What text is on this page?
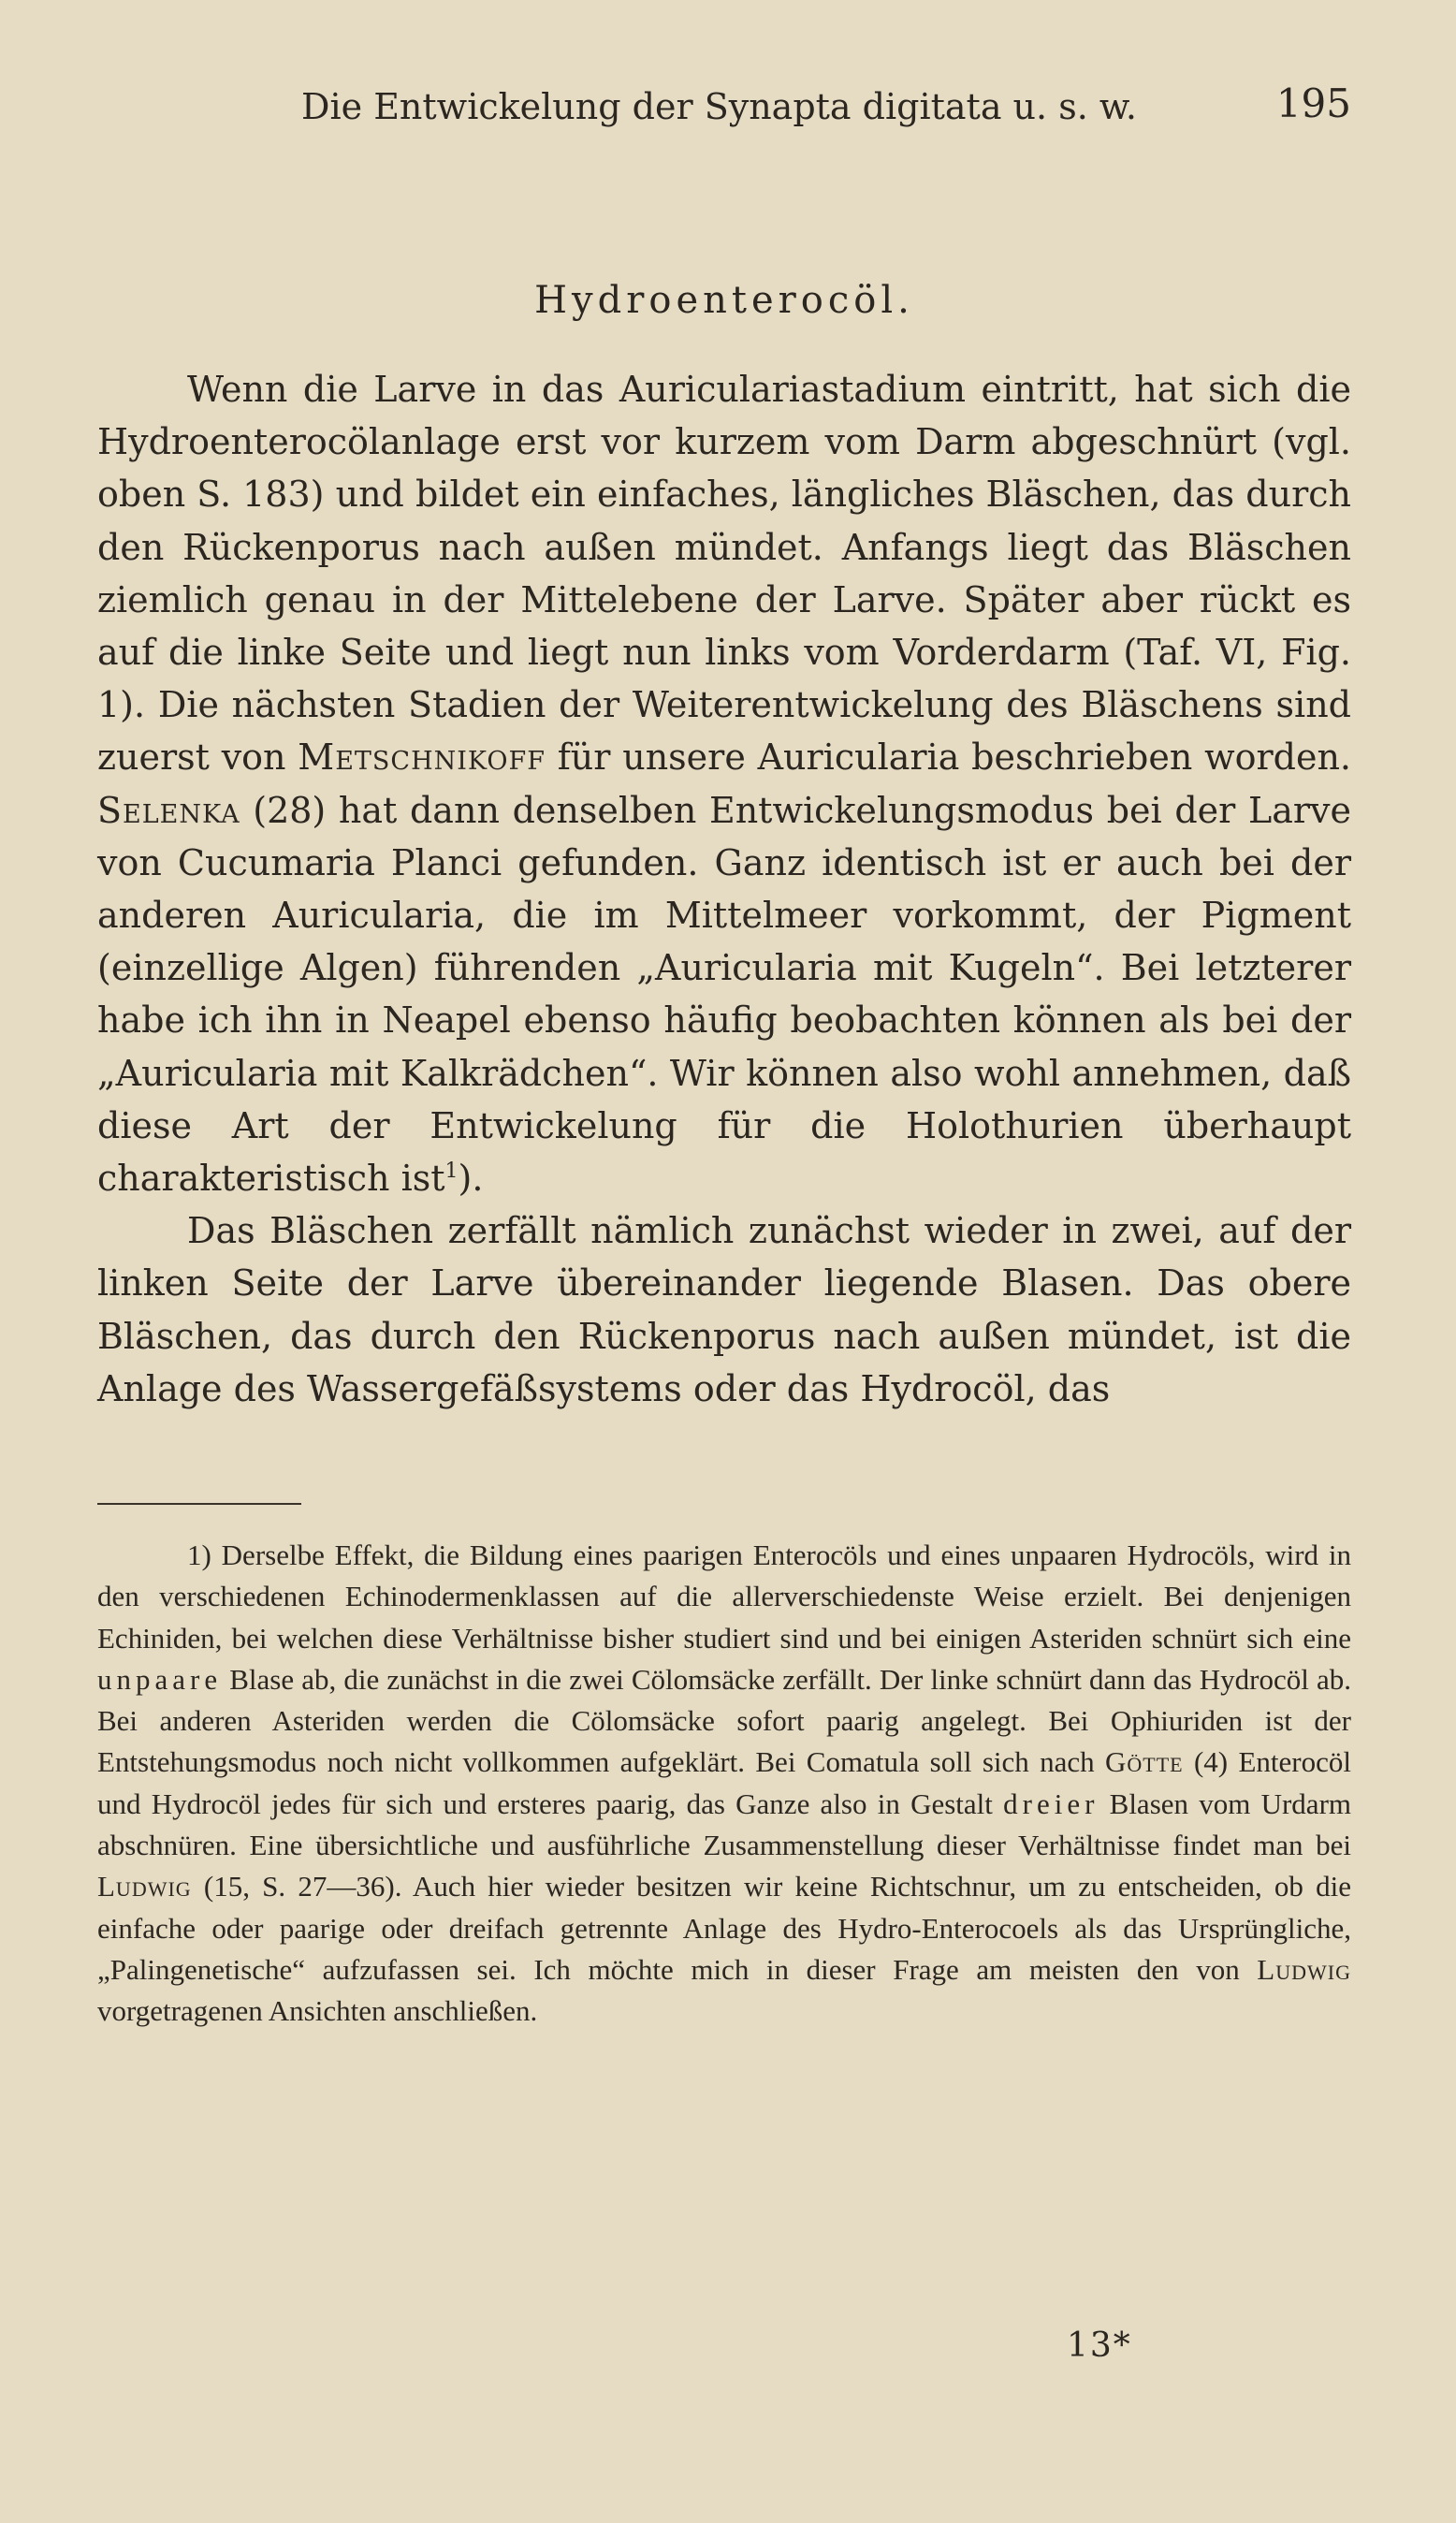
Die Entwickelung der Synapta digitata u. s. w.	195
Hydroenterocöl.

Wenn die Larve in das Auriculariastadium eintritt, hat sich die Hydroenterocölanlage erst vor kurzem vom Darm abgeschnürt (vgl. oben S. 183) und bildet ein einfaches, längliches Bläschen, das durch den Rückenporus nach außen mündet. Anfangs liegt das Bläschen ziemlich genau in der Mittelebene der Larve. Später aber rückt es auf die linke Seite und liegt nun links vom Vorderdarm (Taf. VI, Fig. 1). Die nächsten Stadien der Weiterentwickelung des Bläschens sind zuerst von Metschnikoff für unsere Auricularia beschrieben worden. Selenka (28) hat dann denselben Entwickelungsmodus bei der Larve von Cucumaria Planci gefunden. Ganz identisch ist er auch bei der anderen Auricularia, die im Mittelmeer vorkommt, der Pigment (einzellige Algen) führenden „Auricularia mit Kugeln“. Bei letzterer habe ich ihn in Neapel ebenso häufig beobachten können als bei der „Auricularia mit Kalkrädchen“. Wir können also wohl annehmen, daß diese Art der Entwickelung für die Holothurien überhaupt charakteristisch ist$^1$).

Das Bläschen zerfällt nämlich zunächst wieder in zwei, auf der linken Seite der Larve übereinander liegende Blasen. Das obere Bläschen, das durch den Rückenporus nach außen mündet, ist die Anlage des Wassergefäßsystems oder das Hydrocöl, das

1) Derselbe Effekt, die Bildung eines paarigen Enterocöls und eines unpaaren Hydrocöls, wird in den verschiedenen Echinodermenklassen auf die allerverschiedenste Weise erzielt. Bei denjenigen Echiniden, bei welchen diese Verhältnisse bisher studiert sind und bei einigen Asteriden schnürt sich eine unpaare Blase ab, die zunächst in die zwei Cölomsäcke zerfällt. Der linke schnürt dann das Hydrocöl ab. Bei anderen Asteriden werden die Cölomsäcke sofort paarig angelegt. Bei Ophiuriden ist der Entstehungsmodus noch nicht vollkommen aufgeklärt. Bei Comatula soll sich nach Götte (4) Enterocöl und Hydrocöl jedes für sich und ersteres paarig, das Ganze also in Gestalt dreier Blasen vom Urdarm abschnüren. Eine übersichtliche und ausführliche Zusammenstellung dieser Verhältnisse findet man bei Ludwig (15, S. 27—36). Auch hier wieder besitzen wir keine Richtschnur, um zu entscheiden, ob die einfache oder paarige oder dreifach getrennte Anlage des Hydro-Enterocoels als das Ursprüngliche, „Palingenetische“ aufzufassen sei. Ich möchte mich in dieser Frage am meisten den von Ludwig vorgetragenen Ansichten anschließen.

13*
